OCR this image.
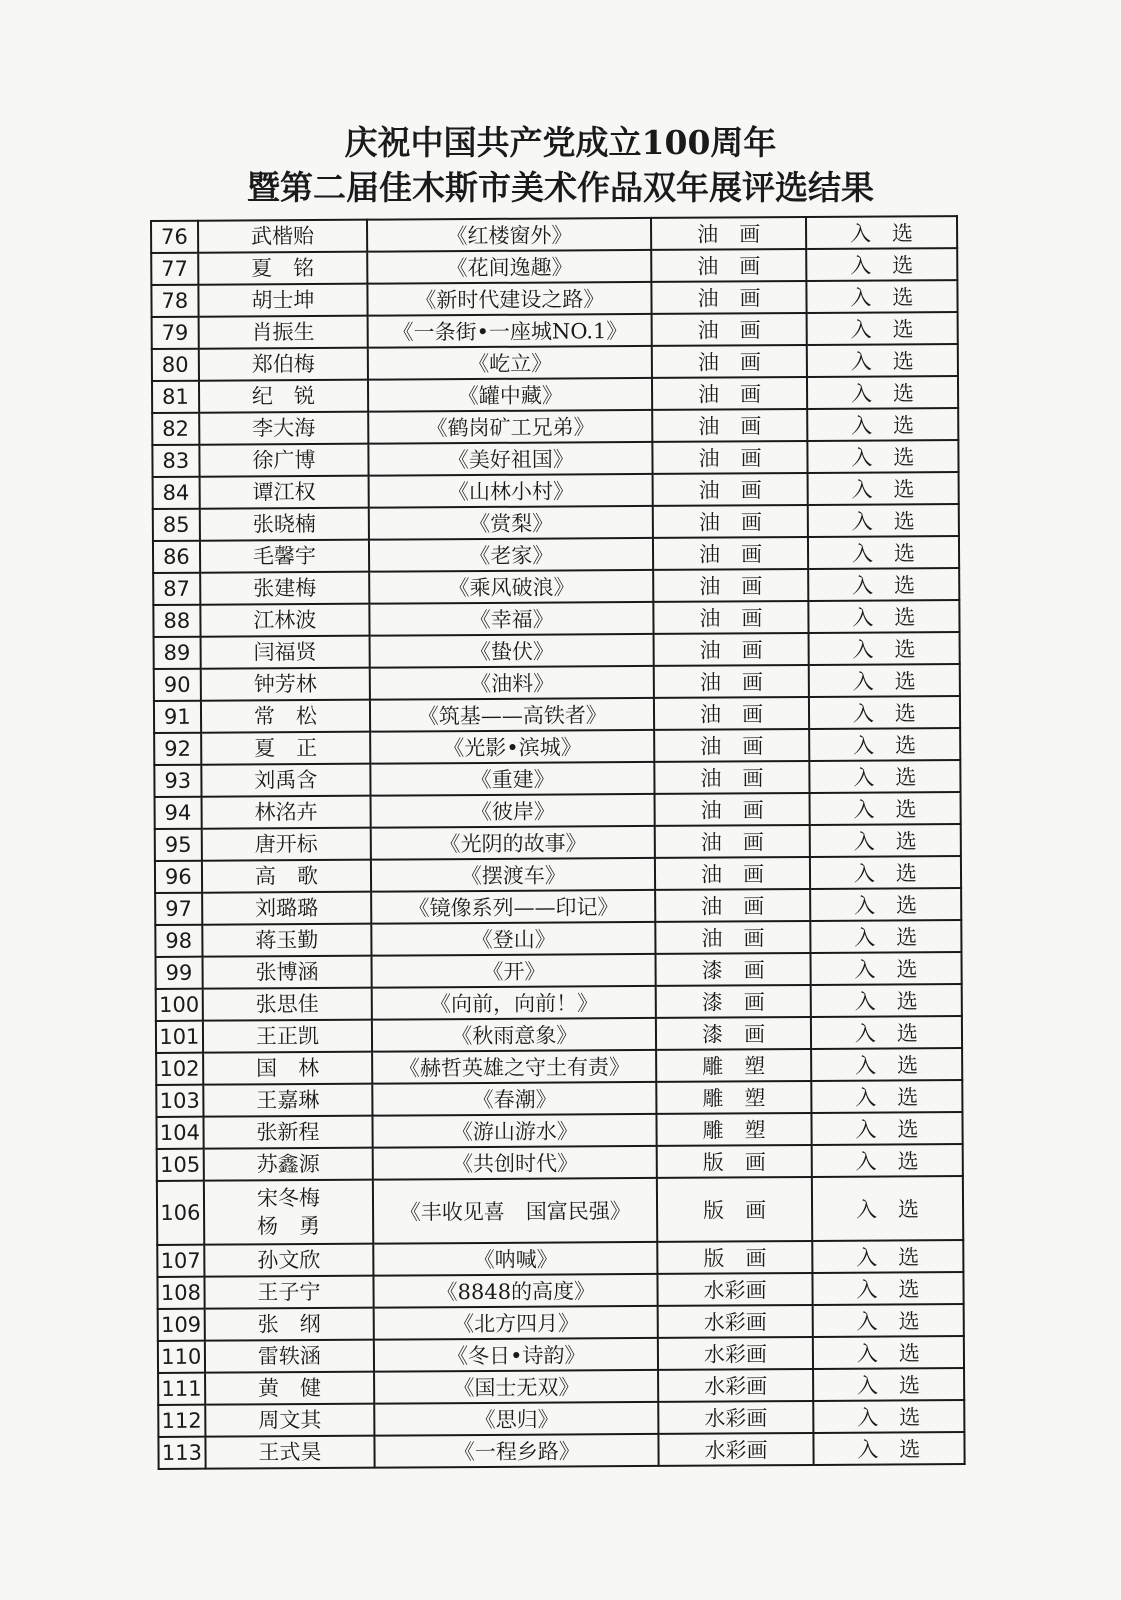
庆祝中国共产党成立100周年
暨第二届佳木斯市美术作品双年展评选结果
76	武楷贻	《红楼窗外》	油　画	入　选
77	夏　铭	《花间逸趣》	油　画	入　选
78	胡士坤	《新时代建设之路》	油　画	入　选
79	肖振生	《一条街•一座城NO.1》	油　画	入　选
80	郑伯梅	《屹立》	油　画	入　选
81	纪　锐	《罐中藏》	油　画	入　选
82	李大海	《鹤岗矿工兄弟》	油　画	入　选
83	徐广博	《美好祖国》	油　画	入　选
84	谭江权	《山林小村》	油　画	入　选
85	张晓楠	《赏梨》	油　画	入　选
86	毛馨宇	《老家》	油　画	入　选
87	张建梅	《乘风破浪》	油　画	入　选
88	江林波	《幸福》	油　画	入　选
89	闫福贤	《蛰伏》	油　画	入　选
90	钟芳林	《油料》	油　画	入　选
91	常　松	《筑基——高铁者》	油　画	入　选
92	夏　正	《光影•滨城》	油　画	入　选
93	刘禹含	《重建》	油　画	入　选
94	林洺卉	《彼岸》	油　画	入　选
95	唐开标	《光阴的故事》	油　画	入　选
96	高　歌	《摆渡车》	油　画	入　选
97	刘璐璐	《镜像系列——印记》	油　画	入　选
98	蒋玉勤	《登山》	油　画	入　选
99	张博涵	《开》	漆　画	入　选
100	张思佳	《向前，向前！》	漆　画	入　选
101	王正凯	《秋雨意象》	漆　画	入　选
102	国　林	《赫哲英雄之守土有责》	雕　塑	入　选
103	王嘉琳	《春潮》	雕　塑	入　选
104	张新程	《游山游水》	雕　塑	入　选
105	苏鑫源	《共创时代》	版　画	入　选
106	宋冬梅
杨　勇	《丰收见喜　国富民强》	版　画	入　选
107	孙文欣	《呐喊》	版　画	入　选
108	王子宁	《8848的高度》	水彩画	入　选
109	张　纲	《北方四月》	水彩画	入　选
110	雷轶涵	《冬日•诗韵》	水彩画	入　选
111	黄　健	《国士无双》	水彩画	入　选
112	周文其	《思归》	水彩画	入　选
113	王式昊	《一程乡路》	水彩画	入　选
